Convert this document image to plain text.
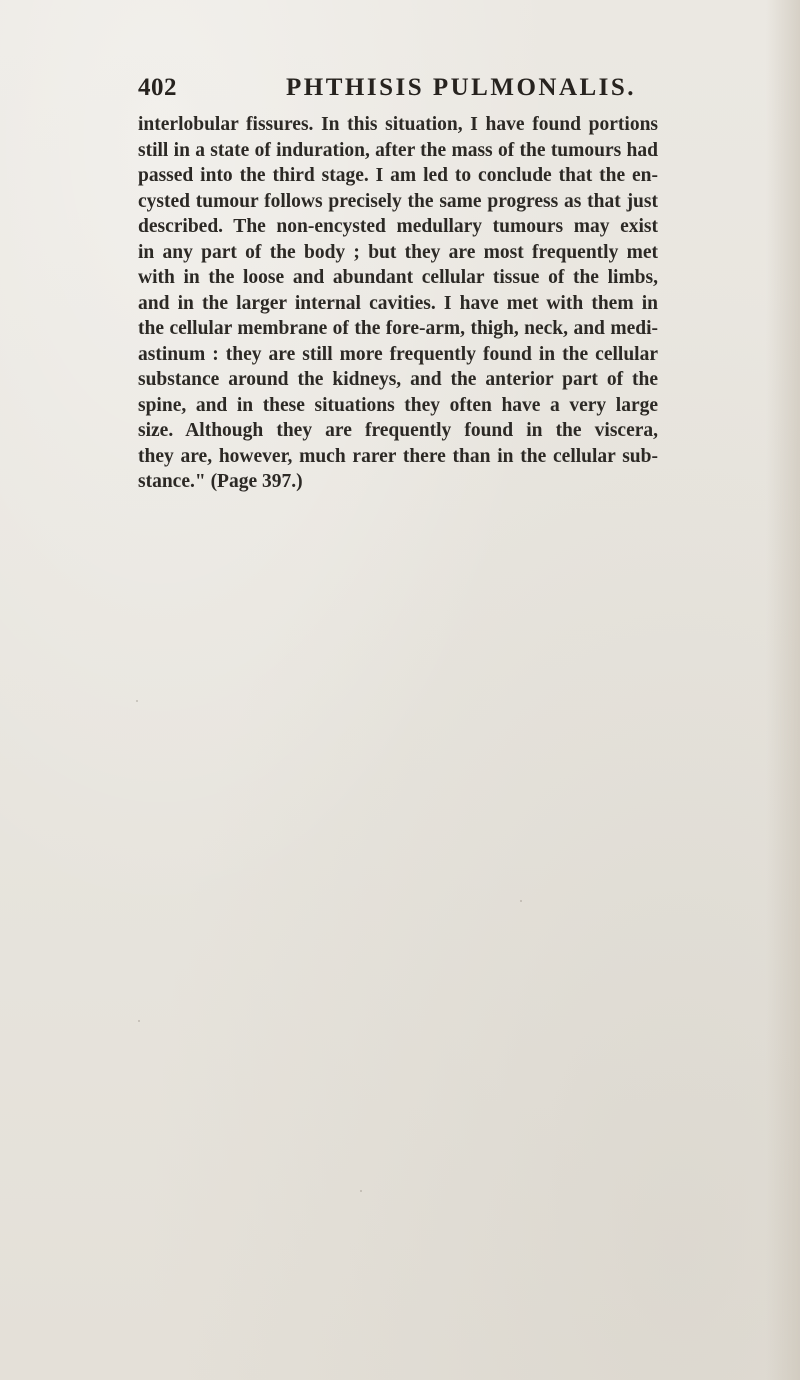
402	PHTHISIS PULMONALIS.
interlobular fissures. In this situation, I have found portions
still in a state of induration, after the mass of the tumours had
passed into the third stage. I am led to conclude that the en-
cysted tumour follows precisely the same progress as that just
described. The non-encysted medullary tumours may exist
in any part of the body ; but they are most frequently met
with in the loose and abundant cellular tissue of the limbs,
and in the larger internal cavities. I have met with them in
the cellular membrane of the fore-arm, thigh, neck, and medi-
astinum : they are still more frequently found in the cellular
substance around the kidneys, and the anterior part of the
spine, and in these situations they often have a very large
size. Although they are frequently found in the viscera,
they are, however, much rarer there than in the cellular sub-
stance." (Page 397.)
